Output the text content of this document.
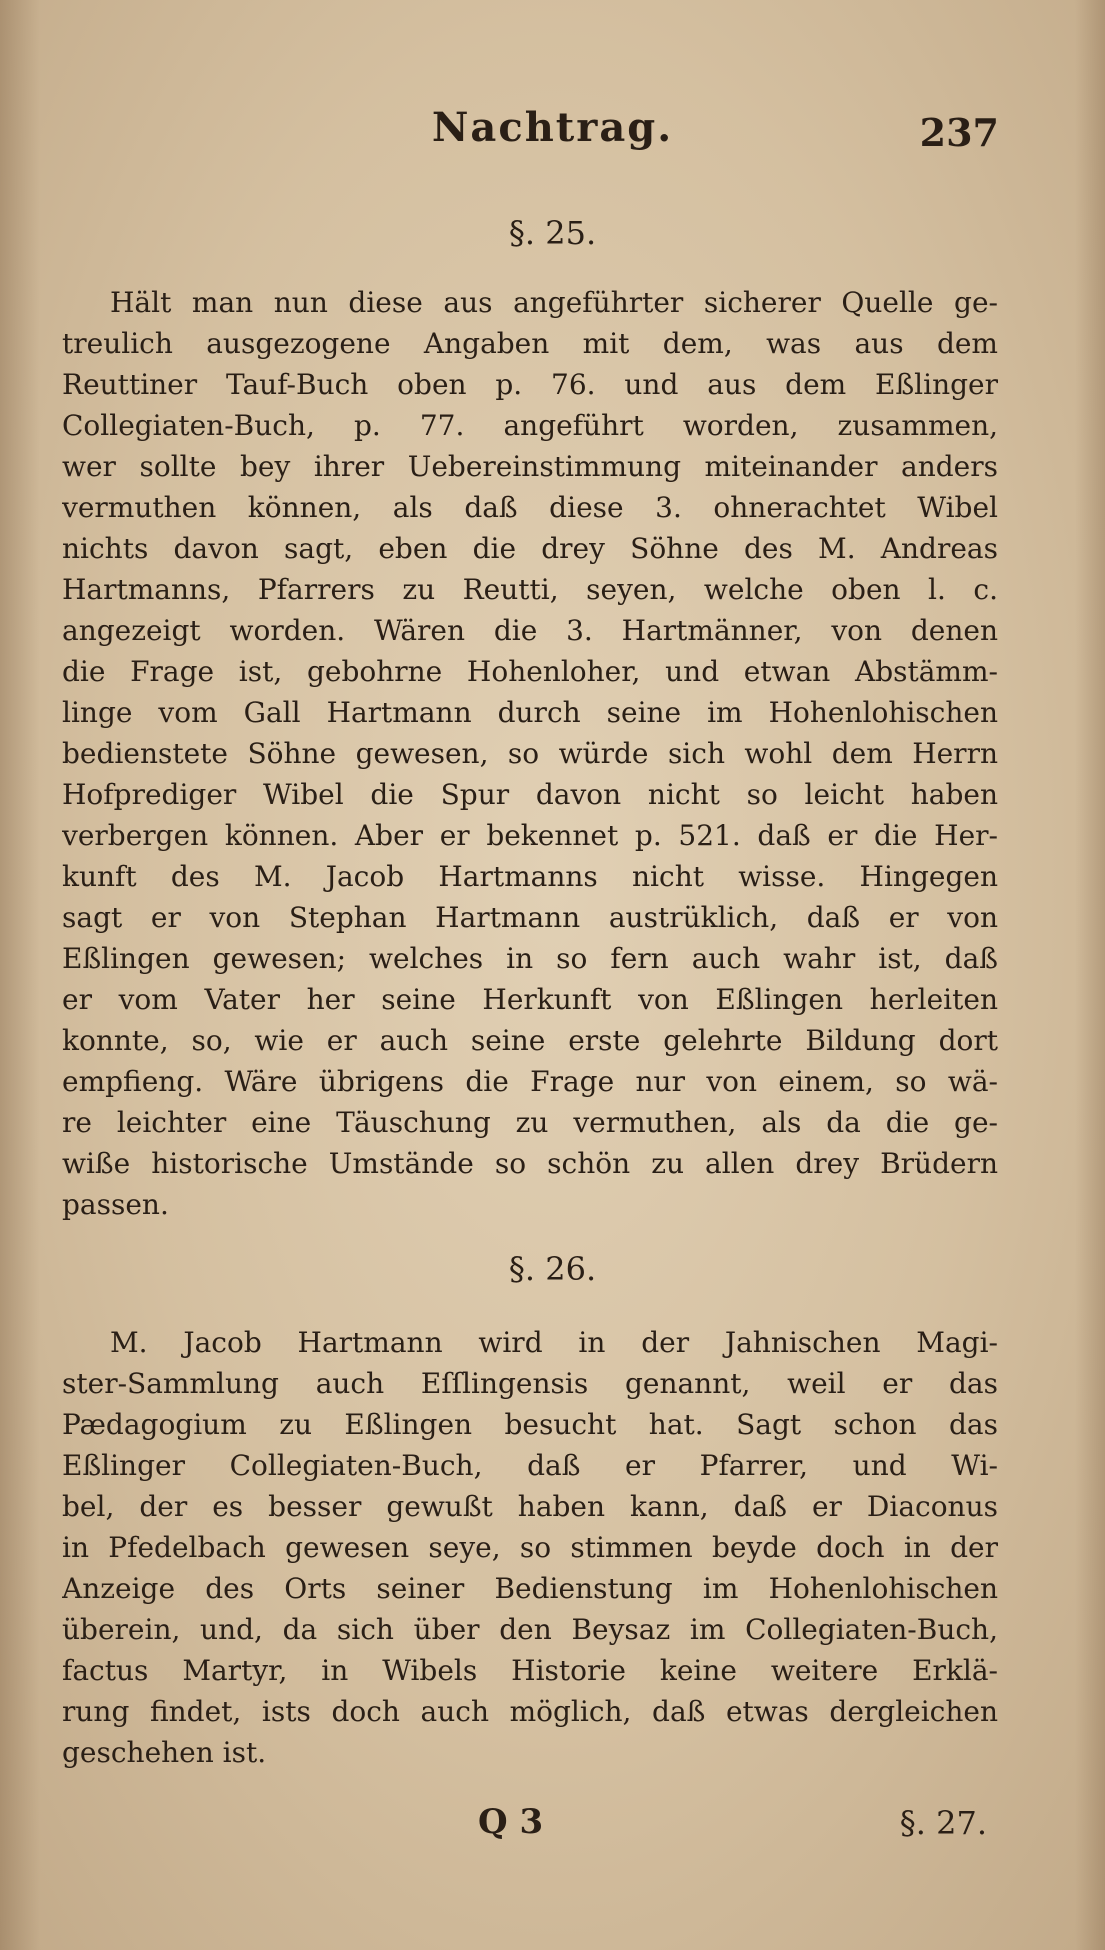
Nachtrag.	237
§. 25.
Hält man nun diese aus angeführter sicherer Quelle ge-
treulich ausgezogene Angaben mit dem, was aus dem
Reuttiner Tauf-Buch oben p. 76. und aus dem Eßlinger
Collegiaten-Buch, p. 77. angeführt worden, zusammen,
wer sollte bey ihrer Uebereinstimmung miteinander anders
vermuthen können, als daß diese 3. ohnerachtet Wibel
nichts davon sagt, eben die drey Söhne des M. Andreas
Hartmanns, Pfarrers zu Reutti, seyen, welche oben l. c.
angezeigt worden. Wären die 3. Hartmänner, von denen
die Frage ist, gebohrne Hohenloher, und etwan Abstämm-
linge vom Gall Hartmann durch seine im Hohenlohischen
bedienstete Söhne gewesen, so würde sich wohl dem Herrn
Hofprediger Wibel die Spur davon nicht so leicht haben
verbergen können. Aber er bekennet p. 521. daß er die Her-
kunft des M. Jacob Hartmanns nicht wisse. Hingegen
sagt er von Stephan Hartmann austrüklich, daß er von
Eßlingen gewesen; welches in so fern auch wahr ist, daß
er vom Vater her seine Herkunft von Eßlingen herleiten
konnte, so, wie er auch seine erste gelehrte Bildung dort
empfieng. Wäre übrigens die Frage nur von einem, so wä-
re leichter eine Täuschung zu vermuthen, als da die ge-
wiße historische Umstände so schön zu allen drey Brüdern
passen.
§. 26.
M. Jacob Hartmann wird in der Jahnischen Magi-
ster-Sammlung auch Eſſlingensis genannt, weil er das
Pædagogium zu Eßlingen besucht hat. Sagt schon das
Eßlinger Collegiaten-Buch, daß er Pfarrer, und Wi-
bel, der es besser gewußt haben kann, daß er Diaconus
in Pfedelbach gewesen seye, so stimmen beyde doch in der
Anzeige des Orts seiner Bedienstung im Hohenlohischen
überein, und, da sich über den Beysaz im Collegiaten-Buch,
factus Martyr, in Wibels Historie keine weitere Erklä-
rung findet, ists doch auch möglich, daß etwas dergleichen
geschehen ist.
Q 3	§. 27.
